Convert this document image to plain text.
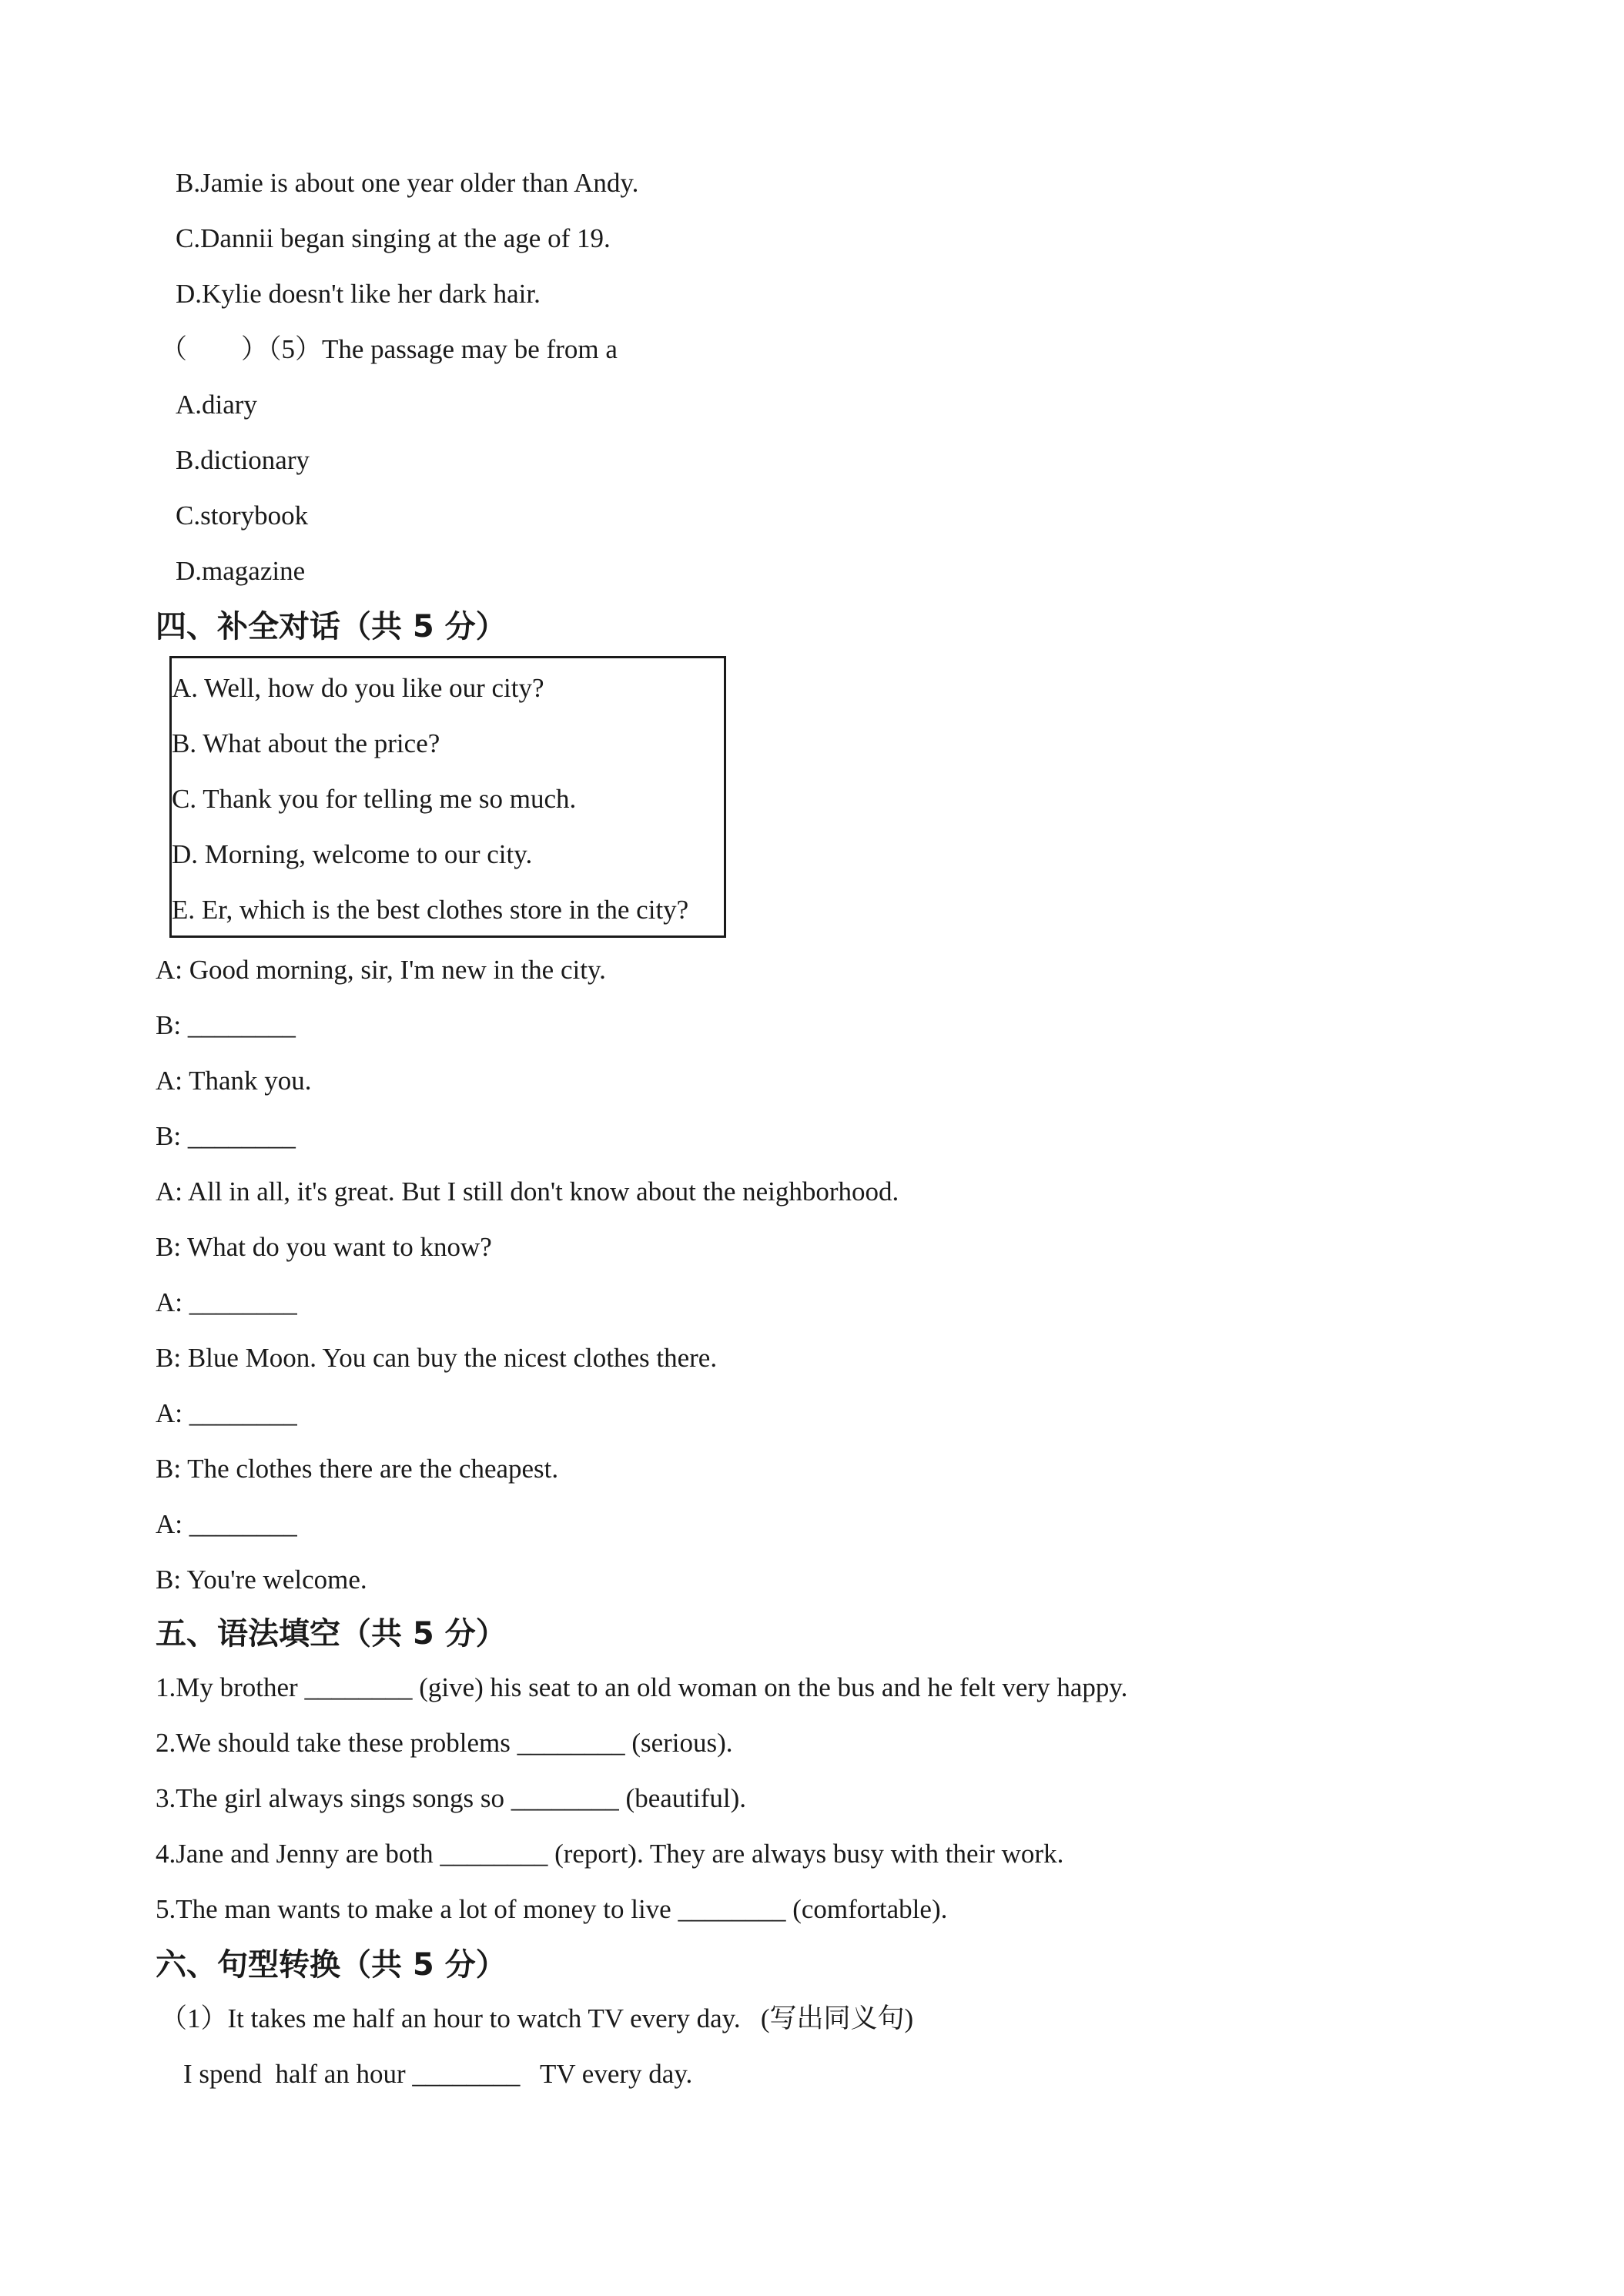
B.Jamie is about one year older than Andy.
C.Dannii began singing at the age of 19.
D.Kylie doesn't like her dark hair.
（　　）（5）The passage may be from a
A.diary
B.dictionary
C.storybook
D.magazine
四、补全对话（共 5 分）
A. Well, how do you like our city?
B. What about the price?
C. Thank you for telling me so much.
D. Morning, welcome to our city.
E. Er, which is the best clothes store in the city?
A: Good morning, sir, I'm new in the city.
B: ________
A: Thank you.
B: ________
A: All in all, it's great. But I still don't know about the neighborhood.
B: What do you want to know?
A: ________
B: Blue Moon. You can buy the nicest clothes there.
A: ________
B: The clothes there are the cheapest.
A: ________
B: You're welcome.
五、语法填空（共 5 分）
1.My brother ________ (give) his seat to an old woman on the bus and he felt very happy.
2.We should take these problems ________ (serious).
3.The girl always sings songs so ________ (beautiful).
4.Jane and Jenny are both ________ (report). They are always busy with their work.
5.The man wants to make a lot of money to live ________ (comfortable).
六、句型转换（共 5 分）
（1）It takes me half an hour to watch TV every day.   (写出同义句)
I spend  half an hour ________   TV every day.
